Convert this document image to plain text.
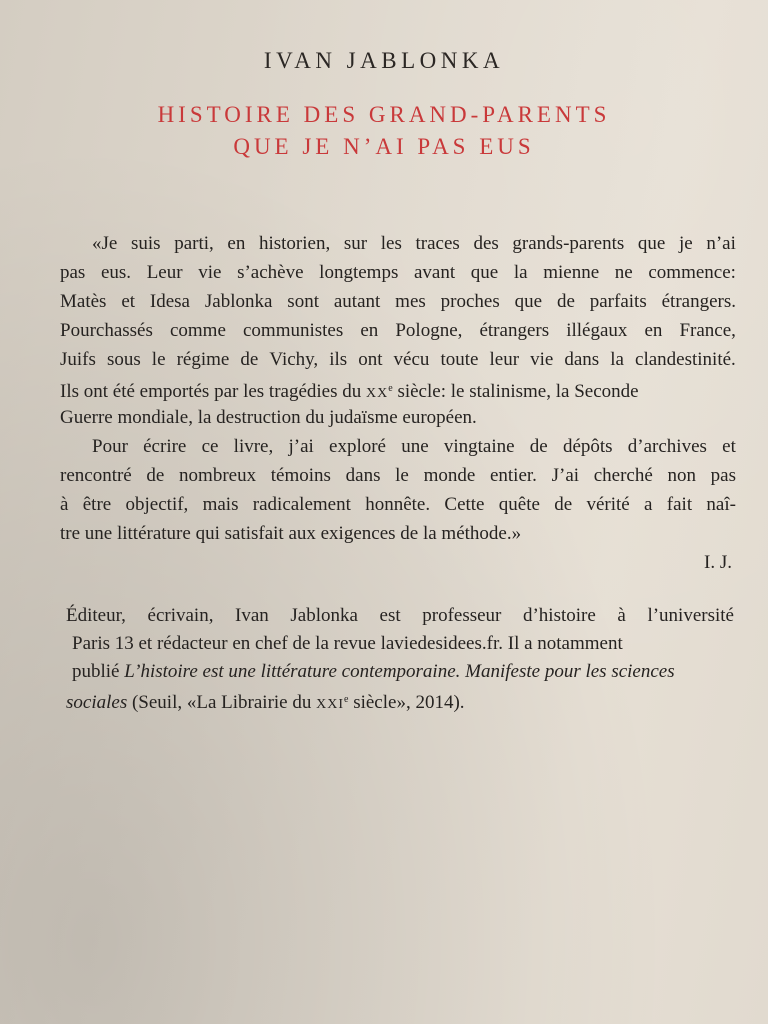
IVAN JABLONKA
HISTOIRE DES GRAND-PARENTS
QUE JE N’AI PAS EUS
«Je suis parti, en historien, sur les traces des grands-parents que je n’ai
pas eus. Leur vie s’achève longtemps avant que la mienne ne commence:
Matès et Idesa Jablonka sont autant mes proches que de parfaits étrangers.
Pourchassés comme communistes en Pologne, étrangers illégaux en France,
Juifs sous le régime de Vichy, ils ont vécu toute leur vie dans la clandestinité.
Ils ont été emportés par les tragédies du XXe siècle: le stalinisme, la Seconde
Guerre mondiale, la destruction du judaïsme européen.
Pour écrire ce livre, j’ai exploré une vingtaine de dépôts d’archives et
rencontré de nombreux témoins dans le monde entier. J’ai cherché non pas
à être objectif, mais radicalement honnête. Cette quête de vérité a fait naî-
tre une littérature qui satisfait aux exigences de la méthode.»
I. J.
Éditeur, écrivain, Ivan Jablonka est professeur d’histoire à l’université
Paris 13 et rédacteur en chef de la revue laviedesidees.fr. Il a notamment
publié L’histoire est une littérature contemporaine. Manifeste pour les sciences
sociales (Seuil, «La Librairie du XXIe siècle», 2014).
